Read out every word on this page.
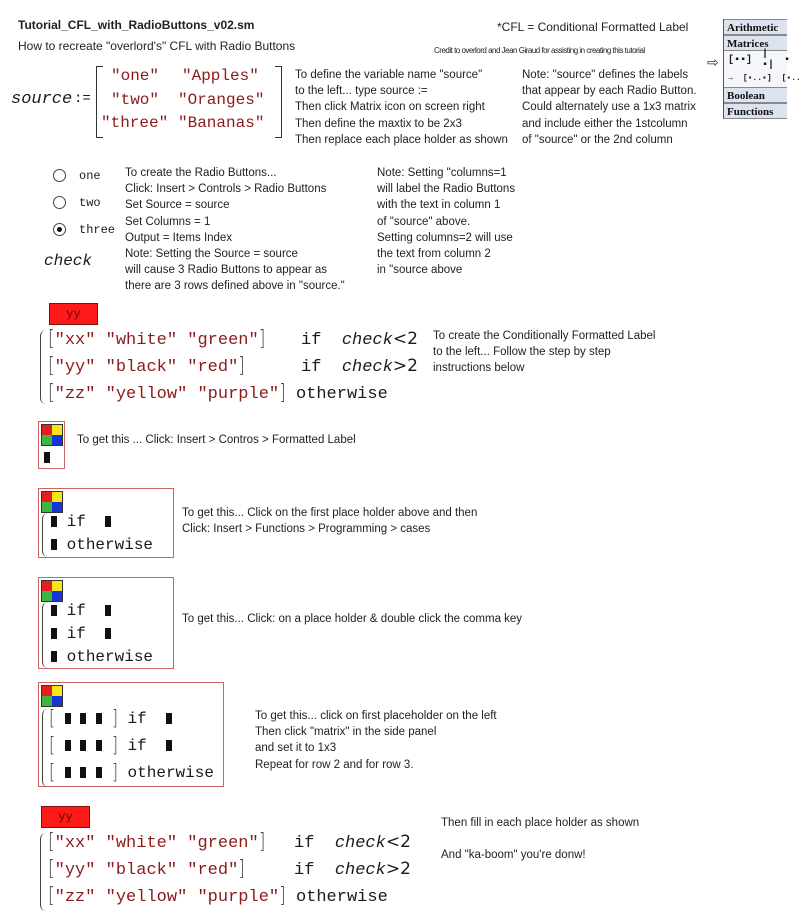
Tutorial_CFL_with_RadioButtons_v02.sm
How to recreate "overlord's" CFL with Radio Buttons
*CFL = Conditional Formatted Label
Credit to overlord and Jean Giraud for assisting in creating this tutorial
Arithmetic
Matrices
[▪▪] |▪| ▪
→ [▪..▪] [▪..
Boolean
Functions
⇨
source :=
"one" "Apples"
"two" "Oranges"
"three" "Bananas"
To define the variable name "source"
to the left... type source :=
Then click Matrix icon on screen right
Then define the maxtix to be 2x3
Then replace each place holder as shown
Note: "source" defines the labels
that appear by each Radio Button.
Could alternately use a 1x3 matrix
and include either the 1stcolumn
of "source" or the 2nd column
one
two
three
check
To create the Radio Buttons...
Click: Insert > Controls > Radio Buttons
Set Source = source
Set Columns = 1
Output = Items Index
Note: Setting the Source = source
will cause 3 Radio Buttons to appear as
there are 3 rows defined above in "source."
Note: Setting "columns=1
will label the Radio Buttons
with the text in column 1
of "source" above.
Setting columns=2 will use
the text from column 2
in "source above
yy
["xx" "white" "green"] if check<2
["yy" "black" "red"]	if check>2
["zz" "yellow" "purple"] otherwise
To create the Conditionally Formatted Label
to the left... Follow the step by step
instructions below
To get this ... Click: Insert > Contros > Formatted Label
if
otherwise
To get this... Click on the first place holder above and then
Click: Insert > Functions > Programming > cases
if
if
otherwise
To get this... Click: on a place holder & double click the comma key
[	] if
[	] if
[	] otherwise
To get this... click on first placeholder on the left
Then click "matrix" in the side panel
and set it to 1x3
Repeat for row 2 and for row 3.
yy
["xx" "white" "green"] if check<2
["yy" "black" "red"]	if check>2
["zz" "yellow" "purple"] otherwise
Then fill in each place holder as shown
And "ka-boom" you're donw!
